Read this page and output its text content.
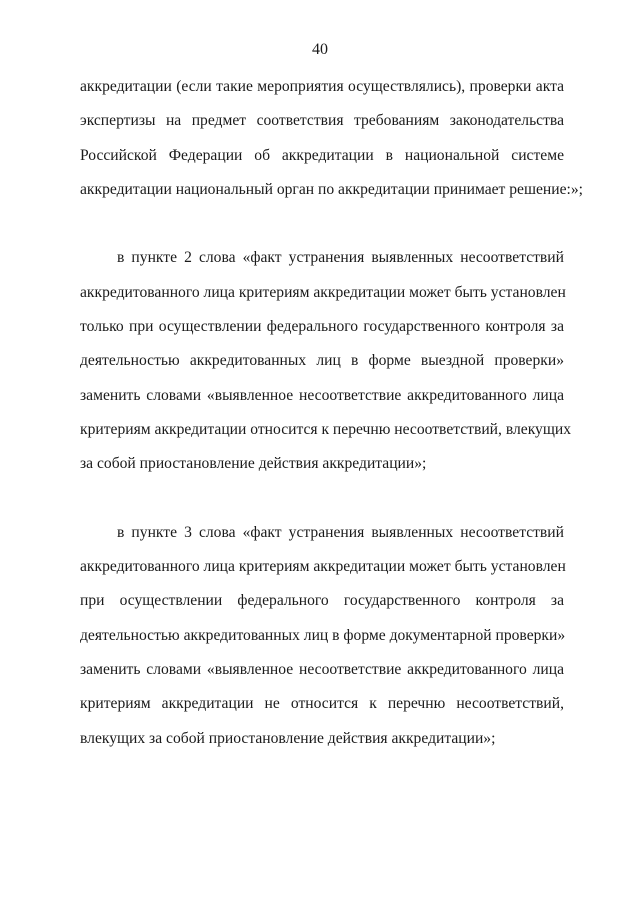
40
аккредитации (если такие мероприятия осуществлялись), проверки акта
экспертизы на предмет соответствия требованиям законодательства
Российской Федерации об аккредитации в национальной системе
аккредитации национальный орган по аккредитации принимает решение:»;
в пункте 2 слова «факт устранения выявленных несоответствий
аккредитованного лица критериям аккредитации может быть установлен
только при осуществлении федерального государственного контроля за
деятельностью аккредитованных лиц в форме выездной проверки»
заменить словами «выявленное несоответствие аккредитованного лица
критериям аккредитации относится к перечню несоответствий, влекущих
за собой приостановление действия аккредитации»;
в пункте 3 слова «факт устранения выявленных несоответствий
аккредитованного лица критериям аккредитации может быть установлен
при осуществлении федерального государственного контроля за
деятельностью аккредитованных лиц в форме документарной проверки»
заменить словами «выявленное несоответствие аккредитованного лица
критериям аккредитации не относится к перечню несоответствий,
влекущих за собой приостановление действия аккредитации»;
